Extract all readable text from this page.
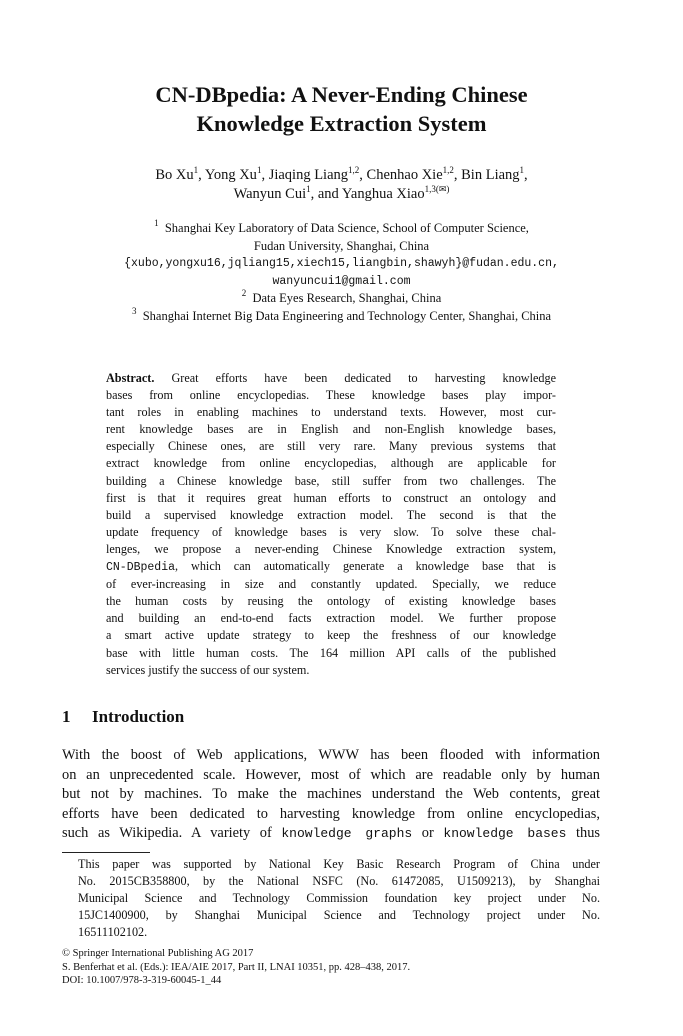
CN-DBpedia: A Never-Ending Chinese
Knowledge Extraction System
Bo Xu$^1$, Yong Xu$^1$, Jiaqing Liang$^{1,2}$, Chenhao Xie$^{1,2}$, Bin Liang$^1$,
Wanyun Cui$^1$, and Yanghua Xiao$^{1,3(✉)}$
$^1$ Shanghai Key Laboratory of Data Science, School of Computer Science,
Fudan University, Shanghai, China
{xubo,yongxu16,jqliang15,xiech15,liangbin,shawyh}@fudan.edu.cn,
wanyuncui1@gmail.com
$^2$ Data Eyes Research, Shanghai, China
$^3$ Shanghai Internet Big Data Engineering and Technology Center, Shanghai, China
Abstract. Great efforts have been dedicated to harvesting knowledge
bases from online encyclopedias. These knowledge bases play impor-
tant roles in enabling machines to understand texts. However, most cur-
rent knowledge bases are in English and non-English knowledge bases,
especially Chinese ones, are still very rare. Many previous systems that
extract knowledge from online encyclopedias, although are applicable for
building a Chinese knowledge base, still suffer from two challenges. The
first is that it requires great human efforts to construct an ontology and
build a supervised knowledge extraction model. The second is that the
update frequency of knowledge bases is very slow. To solve these chal-
lenges, we propose a never-ending Chinese Knowledge extraction system,
CN-DBpedia, which can automatically generate a knowledge base that is
of ever-increasing in size and constantly updated. Specially, we reduce
the human costs by reusing the ontology of existing knowledge bases
and building an end-to-end facts extraction model. We further propose
a smart active update strategy to keep the freshness of our knowledge
base with little human costs. The 164 million API calls of the published
services justify the success of our system.
1 Introduction
With the boost of Web applications, WWW has been flooded with information
on an unprecedented scale. However, most of which are readable only by human
but not by machines. To make the machines understand the Web contents, great
efforts have been dedicated to harvesting knowledge from online encyclopedias,
such as Wikipedia. A variety of knowledge graphs or knowledge bases thus
This paper was supported by National Key Basic Research Program of China under
No. 2015CB358800, by the National NSFC (No. 61472085, U1509213), by Shanghai
Municipal Science and Technology Commission foundation key project under No.
15JC1400900, by Shanghai Municipal Science and Technology project under No.
16511102102.
© Springer International Publishing AG 2017
S. Benferhat et al. (Eds.): IEA/AIE 2017, Part II, LNAI 10351, pp. 428–438, 2017.
DOI: 10.1007/978-3-319-60045-1_44
